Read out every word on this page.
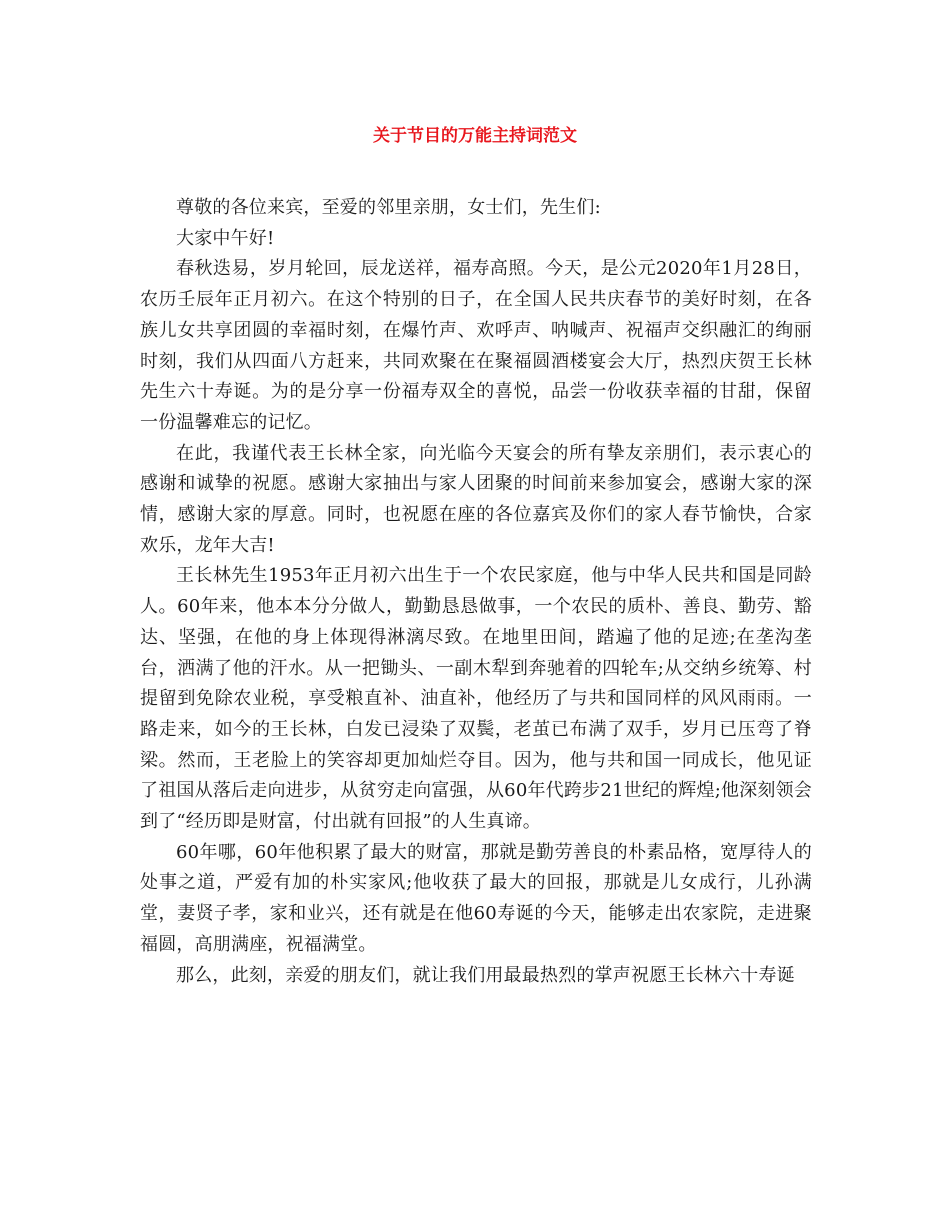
关于节目的万能主持词范文

尊敬的各位来宾，至爱的邻里亲朋，女士们，先生们:

大家中午好!

春秋迭易，岁月轮回，辰龙送祥，福寿高照。今天，是公元2020年1月28日，农历壬辰年正月初六。在这个特别的日子，在全国人民共庆春节的美好时刻，在各族儿女共享团圆的幸福时刻，在爆竹声、欢呼声、呐喊声、祝福声交织融汇的绚丽时刻，我们从四面八方赶来，共同欢聚在在聚福圆酒楼宴会大厅，热烈庆贺王长林先生六十寿诞。为的是分享一份福寿双全的喜悦，品尝一份收获幸福的甘甜，保留一份温馨难忘的记忆。

在此，我谨代表王长林全家，向光临今天宴会的所有挚友亲朋们，表示衷心的感谢和诚挚的祝愿。感谢大家抽出与家人团聚的时间前来参加宴会，感谢大家的深情，感谢大家的厚意。同时，也祝愿在座的各位嘉宾及你们的家人春节愉快，合家欢乐，龙年大吉!

王长林先生1953年正月初六出生于一个农民家庭，他与中华人民共和国是同龄人。60年来，他本本分分做人，勤勤恳恳做事，一个农民的质朴、善良、勤劳、豁达、坚强，在他的身上体现得淋漓尽致。在地里田间，踏遍了他的足迹;在垄沟垄台，洒满了他的汗水。从一把锄头、一副木犁到奔驰着的四轮车;从交纳乡统筹、村提留到免除农业税，享受粮直补、油直补，他经历了与共和国同样的风风雨雨。一路走来，如今的王长林，白发已浸染了双鬓，老茧已布满了双手，岁月已压弯了脊梁。然而，王老脸上的笑容却更加灿烂夺目。因为，他与共和国一同成长，他见证了祖国从落后走向进步，从贫穷走向富强，从60年代跨步21世纪的辉煌;他深刻领会到了“经历即是财富，付出就有回报”的人生真谛。

60年哪，60年他积累了最大的财富，那就是勤劳善良的朴素品格，宽厚待人的处事之道，严爱有加的朴实家风;他收获了最大的回报，那就是儿女成行，儿孙满堂，妻贤子孝，家和业兴，还有就是在他60寿诞的今天，能够走出农家院，走进聚福圆，高朋满座，祝福满堂。

那么，此刻，亲爱的朋友们，就让我们用最最热烈的掌声祝愿王长林六十寿诞
